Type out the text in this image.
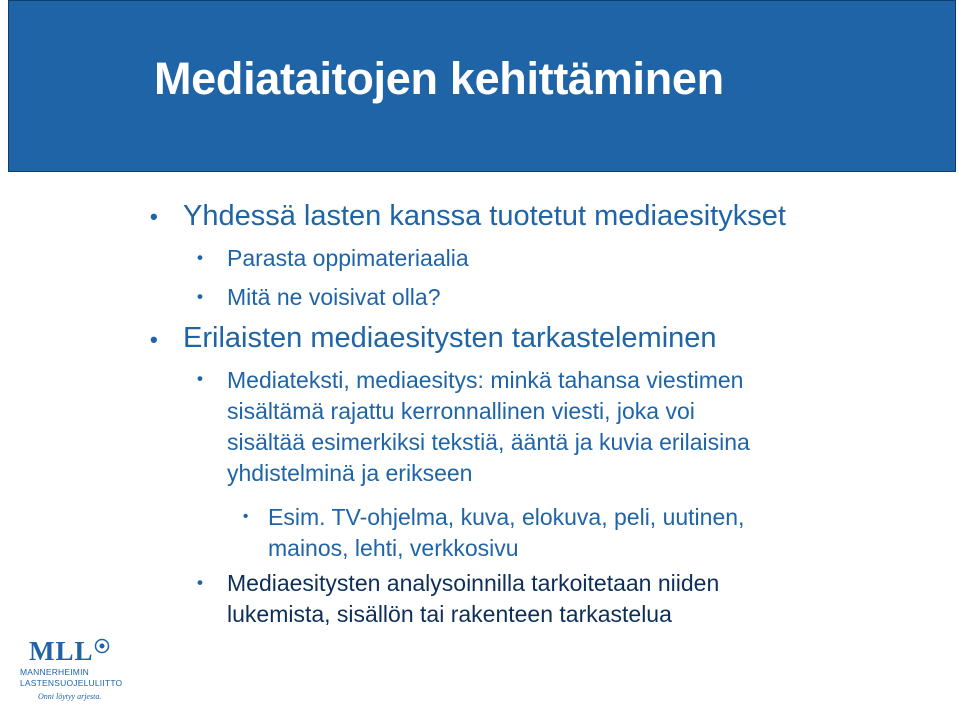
Mediataitojen kehittäminen
• Yhdessä lasten kanssa tuotetut mediaesitykset
• Parasta oppimateriaalia
• Mitä ne voisivat olla?
• Erilaisten mediaesitysten tarkasteleminen
• Mediateksti, mediaesitys: minkä tahansa viestimen
sisältämä rajattu kerronnallinen viesti, joka voi
sisältää esimerkiksi tekstiä, ääntä ja kuvia erilaisina
yhdistelminä ja erikseen
• Esim. TV-ohjelma, kuva, elokuva, peli, uutinen,
mainos, lehti, verkkosivu
• Mediaesitysten analysoinnilla tarkoitetaan niiden
lukemista, sisällön tai rakenteen tarkastelua
MLL
MANNERHEIMIN
LASTENSUOJELULIITTO
Onni löytyy arjesta.
